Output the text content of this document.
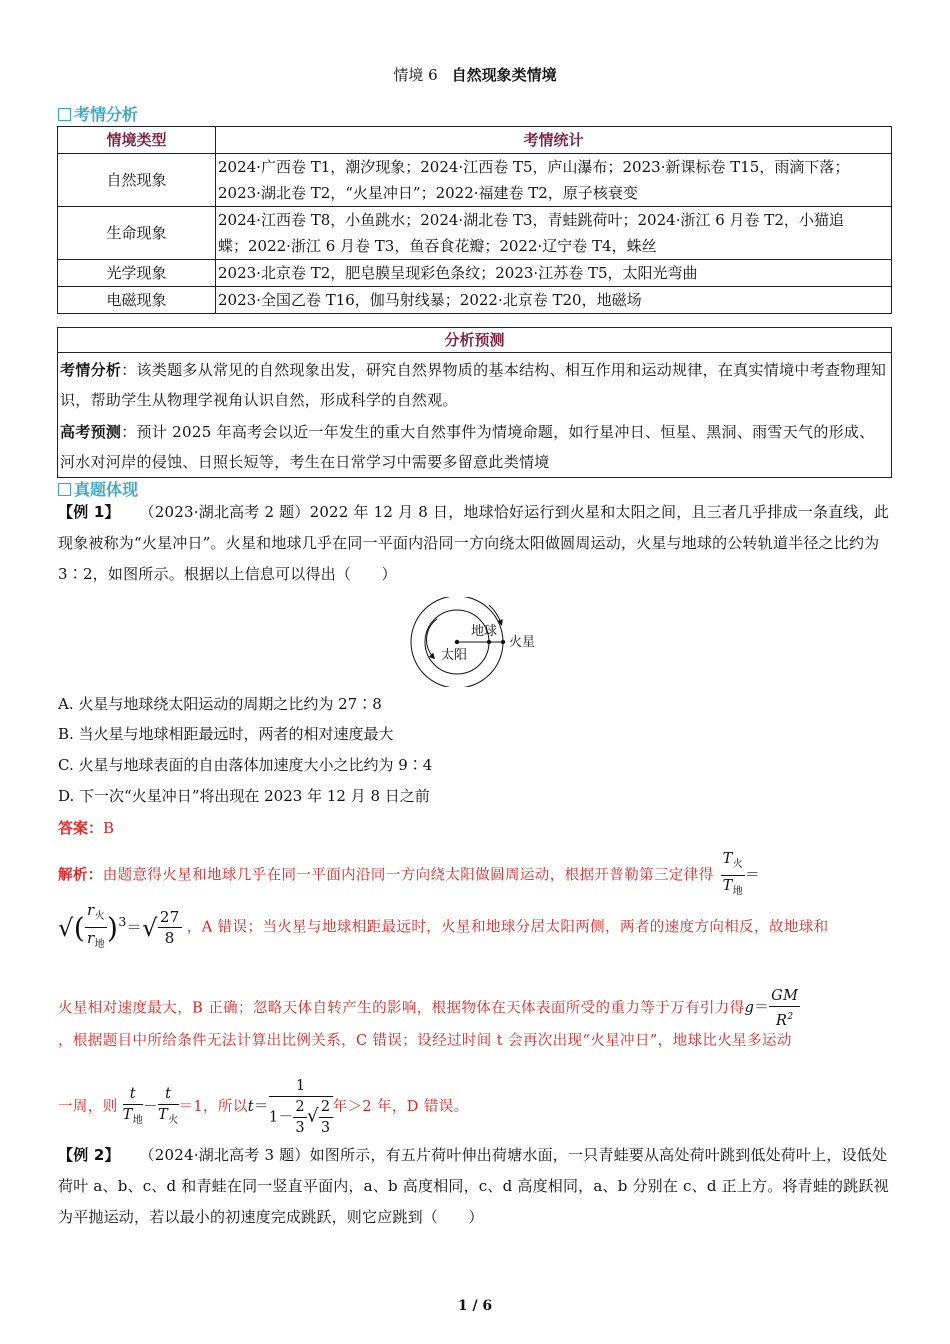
情境 6 自然现象类情境
考情分析
情境类型	考情统计
自然现象	2024·广西卷 T1，潮汐现象；2024·江西卷 T5，庐山瀑布；2023·新课标卷 T15，雨滴下落；
2023·湖北卷 T2，“火星冲日”；2022·福建卷 T2，原子核衰变

生命现象	2024·江西卷 T8，小鱼跳水；2024·湖北卷 T3，青蛙跳荷叶；2024·浙江 6 月卷 T2，小猫追
蝶；2022·浙江 6 月卷 T3，鱼吞食花瓣；2022·辽宁卷 T4，蛛丝

光学现象	2023·北京卷 T2，肥皂膜呈现彩色条纹；2023·江苏卷 T5，太阳光弯曲
电磁现象	2023·全国乙卷 T16，伽马射线暴；2022·北京卷 T20，地磁场
分析预测

考情分析：该类题多从常见的自然现象出发，研究自然界物质的基本结构、相互作用和运动规律，在真实情境中考查物理知识，帮助学生从物理学视角认识自然，形成科学的自然观。

高考预测：预计 2025 年高考会以近一年发生的重大自然事件为情境命题，如行星冲日、恒星、黑洞、雨雪天气的形成、河水对河岸的侵蚀、日照长短等，考生在日常学习中需要多留意此类情境

真题体现
【例 1】 （2023·湖北高考 2 题）2022 年 12 月 8 日，地球恰好运行到火星和太阳之间，且三者几乎排成一条直线，此现象被称为“火星冲日”。火星和地球几乎在同一平面内沿同一方向绕太阳做圆周运动，火星与地球的公转轨道半径之比约为 3∶2，如图所示。根据以上信息可以得出（　　）
太阳
地球
火星
A. 火星与地球绕太阳运动的周期之比约为 27∶8
B. 当火星与地球相距最远时，两者的相对速度最大
C. 火星与地球表面的自由落体加速度大小之比约为 9∶4
D. 下一次“火星冲日”将出现在 2023 年 12 月 8 日之前
答案：B
解析：由题意得火星和地球几乎在同一平面内沿同一方向绕太阳做圆周运动，根据开普勒第三定律得 $\frac{T_火}{T_地}$ ＝
√( $\frac{r_火}{r_地} )^3=√ \frac{27}{8}$ ，A 错误；当火星与地球相距最远时，火星和地球分居太阳两侧，两者的速度方向相反，故地球和
火星相对速度最大，B 正确；忽略天体自转产生的影响，根据物体在天体表面所受的重力等于万有引力得$g= \frac{GM}{R^2}$
，根据题目中所给条件无法计算出比例关系，C 错误；设经过时间 t 会再次出现“火星冲日”，地球比火星多运动
一周，则 $\frac{t}{T_地} - \frac{t}{T_火} =1$，所以$t= \frac{1}{1- \frac{2}{3} √ \frac{2}{3}}$ 年＞2 年，D 错误。
【例 2】 （2024·湖北高考 3 题）如图所示，有五片荷叶伸出荷塘水面，一只青蛙要从高处荷叶跳到低处荷叶上，设低处荷叶 a、b、c、d 和青蛙在同一竖直平面内，a、b 高度相同，c、d 高度相同，a、b 分别在 c、d 正上方。将青蛙的跳跃视为平抛运动，若以最小的初速度完成跳跃，则它应跳到（　　）
1 / 6
